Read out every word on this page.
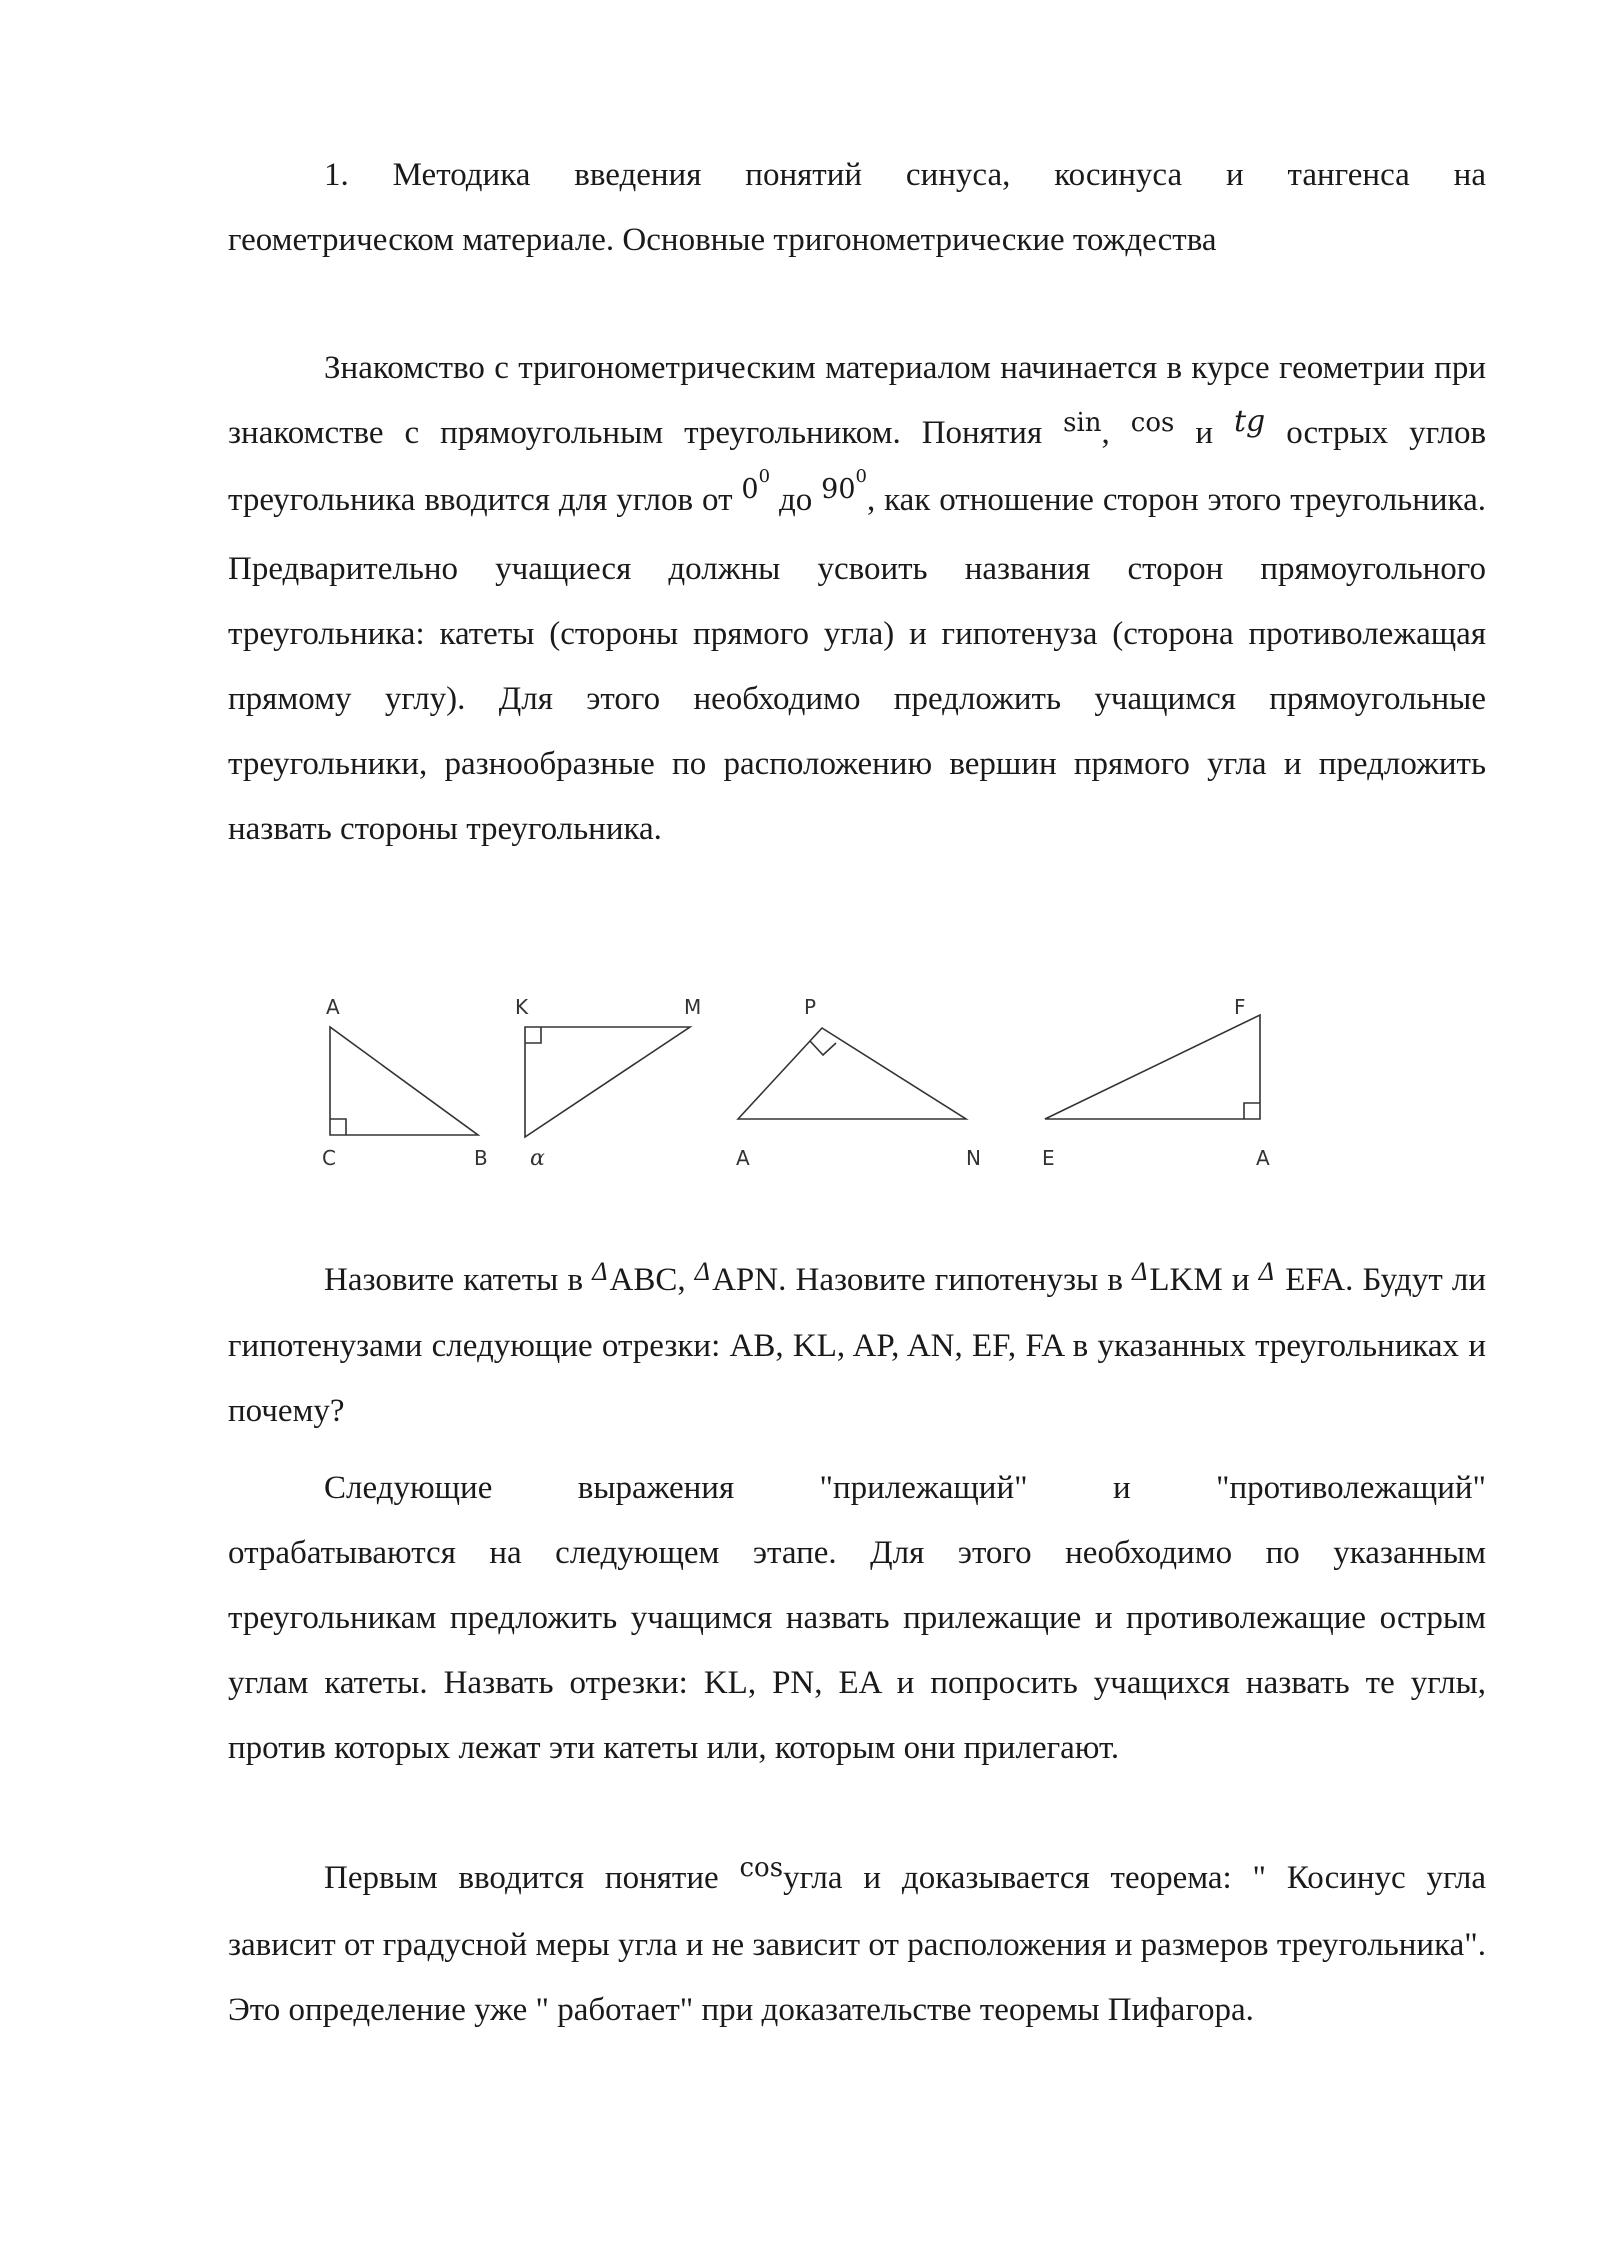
1. Методика введения понятий синуса, косинуса и тангенса на

геометрическом материале. Основные тригонометрические тождества

Знакомство с тригонометрическим материалом начинается в курсе геометрии при знакомстве с прямоугольным треугольником. Понятия $^{sin}$, $^{cos}$ и tg острых углов треугольника вводится для углов от $^{0^0}$ до $^{90^0}$, как отношение сторон этого треугольника. Предварительно учащиеся должны усвоить названия сторон прямоугольного треугольника: катеты (стороны прямого угла) и гипотенуза (сторона противолежащая прямому углу). Для этого необходимо предложить учащимся прямоугольные треугольники, разнообразные по расположению вершин прямого угла и предложить назвать стороны треугольника.

A
C	B
K	M
α
P
A	N
F
E	A

Назовите катеты в $^\Delta$ABC, $^\Delta$APN. Назовите гипотенузы в $^\Delta$LKM и $^\Delta$ EFA. Будут ли гипотенузами следующие отрезки: AB, KL, AP, AN, EF, FA в указанных треугольниках и почему?

Следующие выражения "прилежащий" и "противолежащий"

отрабатываются на следующем этапе. Для этого необходимо по указанным треугольникам предложить учащимся назвать прилежащие и противолежащие острым углам катеты. Назвать отрезки: KL, PN, EA и попросить учащихся назвать те углы, против которых лежат эти катеты или, которым они прилегают.

Первым вводится понятие $^{cos}$угла и доказывается теорема: " Косинус угла зависит от градусной меры угла и не зависит от расположения и размеров треугольника". Это определение уже " работает" при доказательстве теоремы Пифагора.
